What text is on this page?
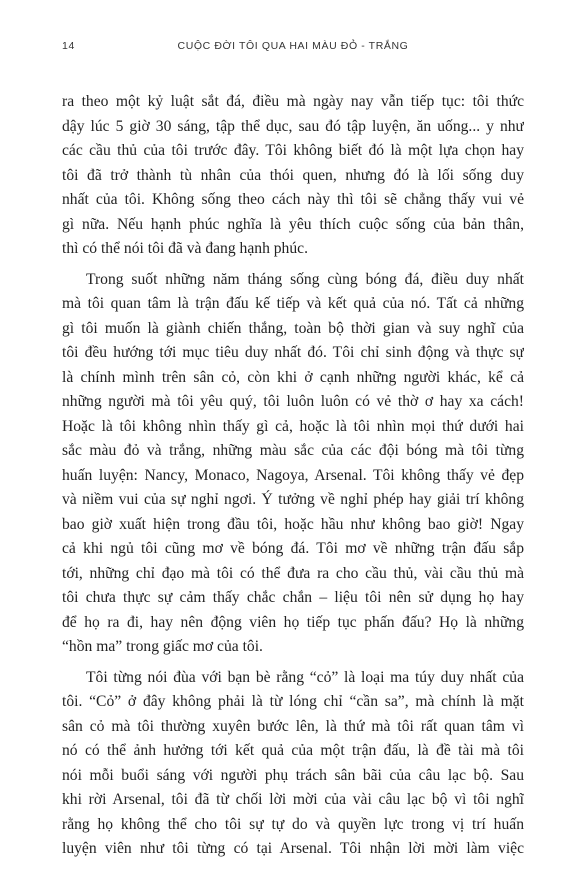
14	CUỘC ĐỜI TÔI QUA HAI MÀU ĐỎ - TRẮNG

ra theo một kỷ luật sắt đá, điều mà ngày nay vẫn tiếp tục: tôi thức
dậy lúc 5 giờ 30 sáng, tập thể dục, sau đó tập luyện, ăn uống... y như
các cầu thủ của tôi trước đây. Tôi không biết đó là một lựa chọn hay
tôi đã trở thành tù nhân của thói quen, nhưng đó là lối sống duy
nhất của tôi. Không sống theo cách này thì tôi sẽ chẳng thấy vui vẻ
gì nữa. Nếu hạnh phúc nghĩa là yêu thích cuộc sống của bản thân,
thì có thể nói tôi đã và đang hạnh phúc.

Trong suốt những năm tháng sống cùng bóng đá, điều duy nhất
mà tôi quan tâm là trận đấu kế tiếp và kết quả của nó. Tất cả những
gì tôi muốn là giành chiến thắng, toàn bộ thời gian và suy nghĩ của
tôi đều hướng tới mục tiêu duy nhất đó. Tôi chỉ sinh động và thực sự
là chính mình trên sân cỏ, còn khi ở cạnh những người khác, kể cả
những người mà tôi yêu quý, tôi luôn luôn có vẻ thờ ơ hay xa cách!
Hoặc là tôi không nhìn thấy gì cả, hoặc là tôi nhìn mọi thứ dưới hai
sắc màu đỏ và trắng, những màu sắc của các đội bóng mà tôi từng
huấn luyện: Nancy, Monaco, Nagoya, Arsenal. Tôi không thấy vẻ đẹp
và niềm vui của sự nghỉ ngơi. Ý tưởng về nghỉ phép hay giải trí không
bao giờ xuất hiện trong đầu tôi, hoặc hầu như không bao giờ! Ngay
cả khi ngủ tôi cũng mơ về bóng đá. Tôi mơ về những trận đấu sắp
tới, những chỉ đạo mà tôi có thể đưa ra cho cầu thủ, vài cầu thủ mà
tôi chưa thực sự cảm thấy chắc chắn – liệu tôi nên sử dụng họ hay
để họ ra đi, hay nên động viên họ tiếp tục phấn đấu? Họ là những
“hồn ma” trong giấc mơ của tôi.

Tôi từng nói đùa với bạn bè rằng “cỏ” là loại ma túy duy nhất của
tôi. “Cỏ” ở đây không phải là từ lóng chỉ “cần sa”, mà chính là mặt
sân cỏ mà tôi thường xuyên bước lên, là thứ mà tôi rất quan tâm vì
nó có thể ảnh hưởng tới kết quả của một trận đấu, là đề tài mà tôi
nói mỗi buổi sáng với người phụ trách sân bãi của câu lạc bộ. Sau
khi rời Arsenal, tôi đã từ chối lời mời của vài câu lạc bộ vì tôi nghĩ
rằng họ không thể cho tôi sự tự do và quyền lực trong vị trí huấn
luyện viên như tôi từng có tại Arsenal. Tôi nhận lời mời làm việc
